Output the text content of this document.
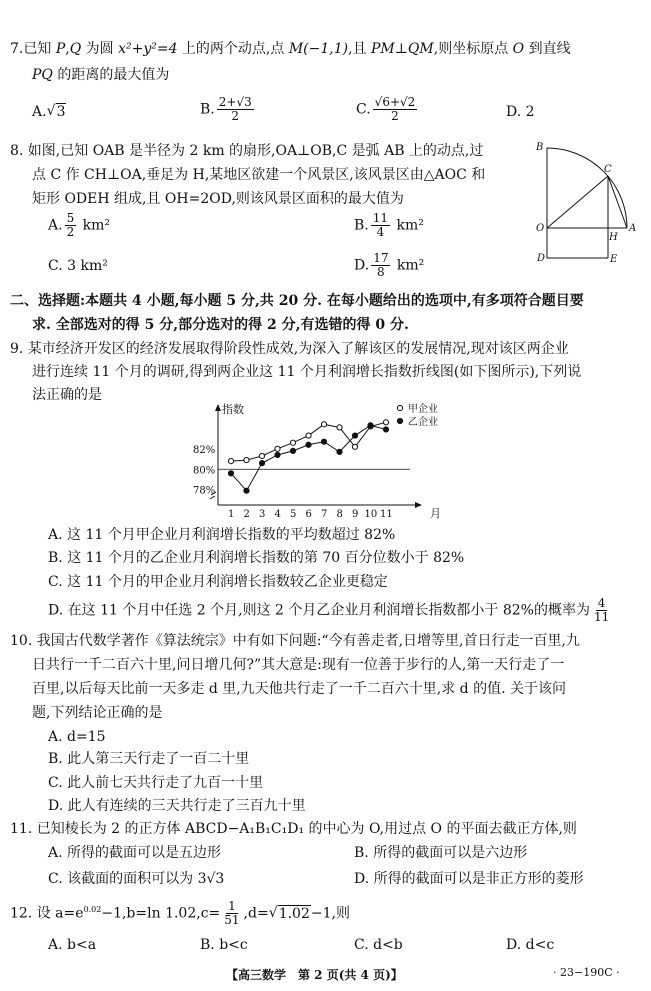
7.已知 P,Q 为圆 x²+y²=4 上的两个动点,点 M(−1,1),且 PM⊥QM,则坐标原点 O 到直线
PQ 的距离的最大值为
A.√ 3	B. $\frac{2+√3}{2}$	C. $\frac{√6+√2}{2}$	D. 2
8. 如图,已知 OAB 是半径为 2 km 的扇形,OA⊥OB,C 是弧 AB 上的动点,过
点 C 作 CH⊥OA,垂足为 H,某地区欲建一个风景区,该风景区由△AOC 和
矩形 ODEH 组成,且 OH=2OD,则该风景区面积的最大值为
A. $\frac{5}{2} km^2$	B. $\frac{11}{4} km^2$
C. 3 km²	D. $\frac{17}{8} km^2$
B
C
O
H
A
D	E
二、选择题:本题共 4 小题,每小题 5 分,共 20 分. 在每小题给出的选项中,有多项符合题目要
求. 全部选对的得 5 分,部分选对的得 2 分,有选错的得 0 分.
9. 某市经济开发区的经济发展取得阶段性成效,为深入了解该区的发展情况,现对该区两企业
进行连续 11 个月的调研,得到两企业这 11 个月利润增长指数折线图(如下图所示),下列说
法正确的是
指数
月
78%
80%
82%
1 2 3 4 5 6 7 8 9 10 11
甲企业
乙企业
A. 这 11 个月甲企业月利润增长指数的平均数超过 82%
B. 这 11 个月的乙企业月利润增长指数的第 70 百分位数小于 82%
C. 这 11 个月的甲企业月利润增长指数较乙企业更稳定
D. 在这 11 个月中任选 2 个月,则这 2 个月乙企业月利润增长指数都小于 82%的概率为 $\frac{4}{11}$
10. 我国古代数学著作《算法统宗》中有如下问题:“今有善走者,日增等里,首日行走一百里,九
日共行一千二百六十里,问日增几何?”其大意是:现有一位善于步行的人,第一天行走了一
百里,以后每天比前一天多走 d 里,九天他共行走了一千二百六十里,求 d 的值. 关于该问
题,下列结论正确的是
A. d=15
B. 此人第三天行走了一百二十里
C. 此人前七天共行走了九百一十里
D. 此人有连续的三天共行走了三百九十里
11. 已知棱长为 2 的正方体 ABCD−A₁B₁C₁D₁ 的中心为 O,用过点 O 的平面去截正方体,则
A. 所得的截面可以是五边形	B. 所得的截面可以是六边形
C. 该截面的面积可以为 3√3	D. 所得的截面可以是非正方形的菱形
12. 设 $a=e^{0.02}-1,b=\ln$ $1.02,c= \frac{1}{51} ,d=√$ 1.02−1,则
A. b<a	B. b<c	C. d<b	D. d<c
【高三数学　第 2 页(共 4 页)】	· 23−190C ·
